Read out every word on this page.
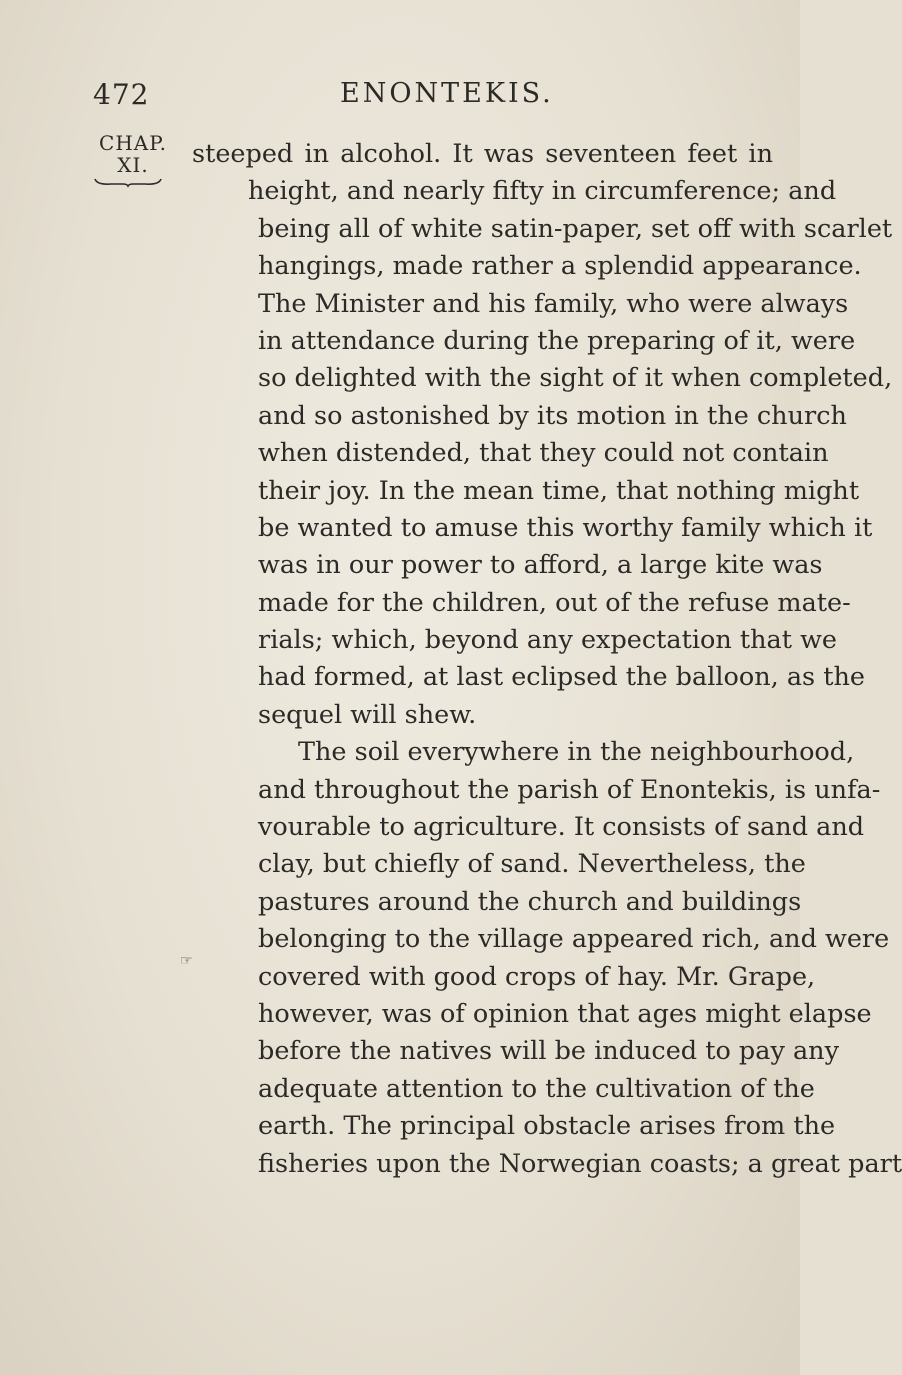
472	ENONTEKIS.
CHAP.
XI.
☞
steeped in alcohol. It was seventeen feet in
height, and nearly fifty in circumference; and
being all of white satin-paper, set off with scarlet
hangings, made rather a splendid appearance.
The Minister and his family, who were always
in attendance during the preparing of it, were
so delighted with the sight of it when completed,
and so astonished by its motion in the church
when distended, that they could not contain
their joy. In the mean time, that nothing might
be wanted to amuse this worthy family which it
was in our power to afford, a large kite was
made for the children, out of the refuse mate-
rials; which, beyond any expectation that we
had formed, at last eclipsed the balloon, as the
sequel will shew.
The soil everywhere in the neighbourhood,
and throughout the parish of Enontekis, is unfa-
vourable to agriculture. It consists of sand and
clay, but chiefly of sand. Nevertheless, the
pastures around the church and buildings
belonging to the village appeared rich, and were
covered with good crops of hay. Mr. Grape,
however, was of opinion that ages might elapse
before the natives will be induced to pay any
adequate attention to the cultivation of the
earth. The principal obstacle arises from the
fisheries upon the Norwegian coasts; a great part
